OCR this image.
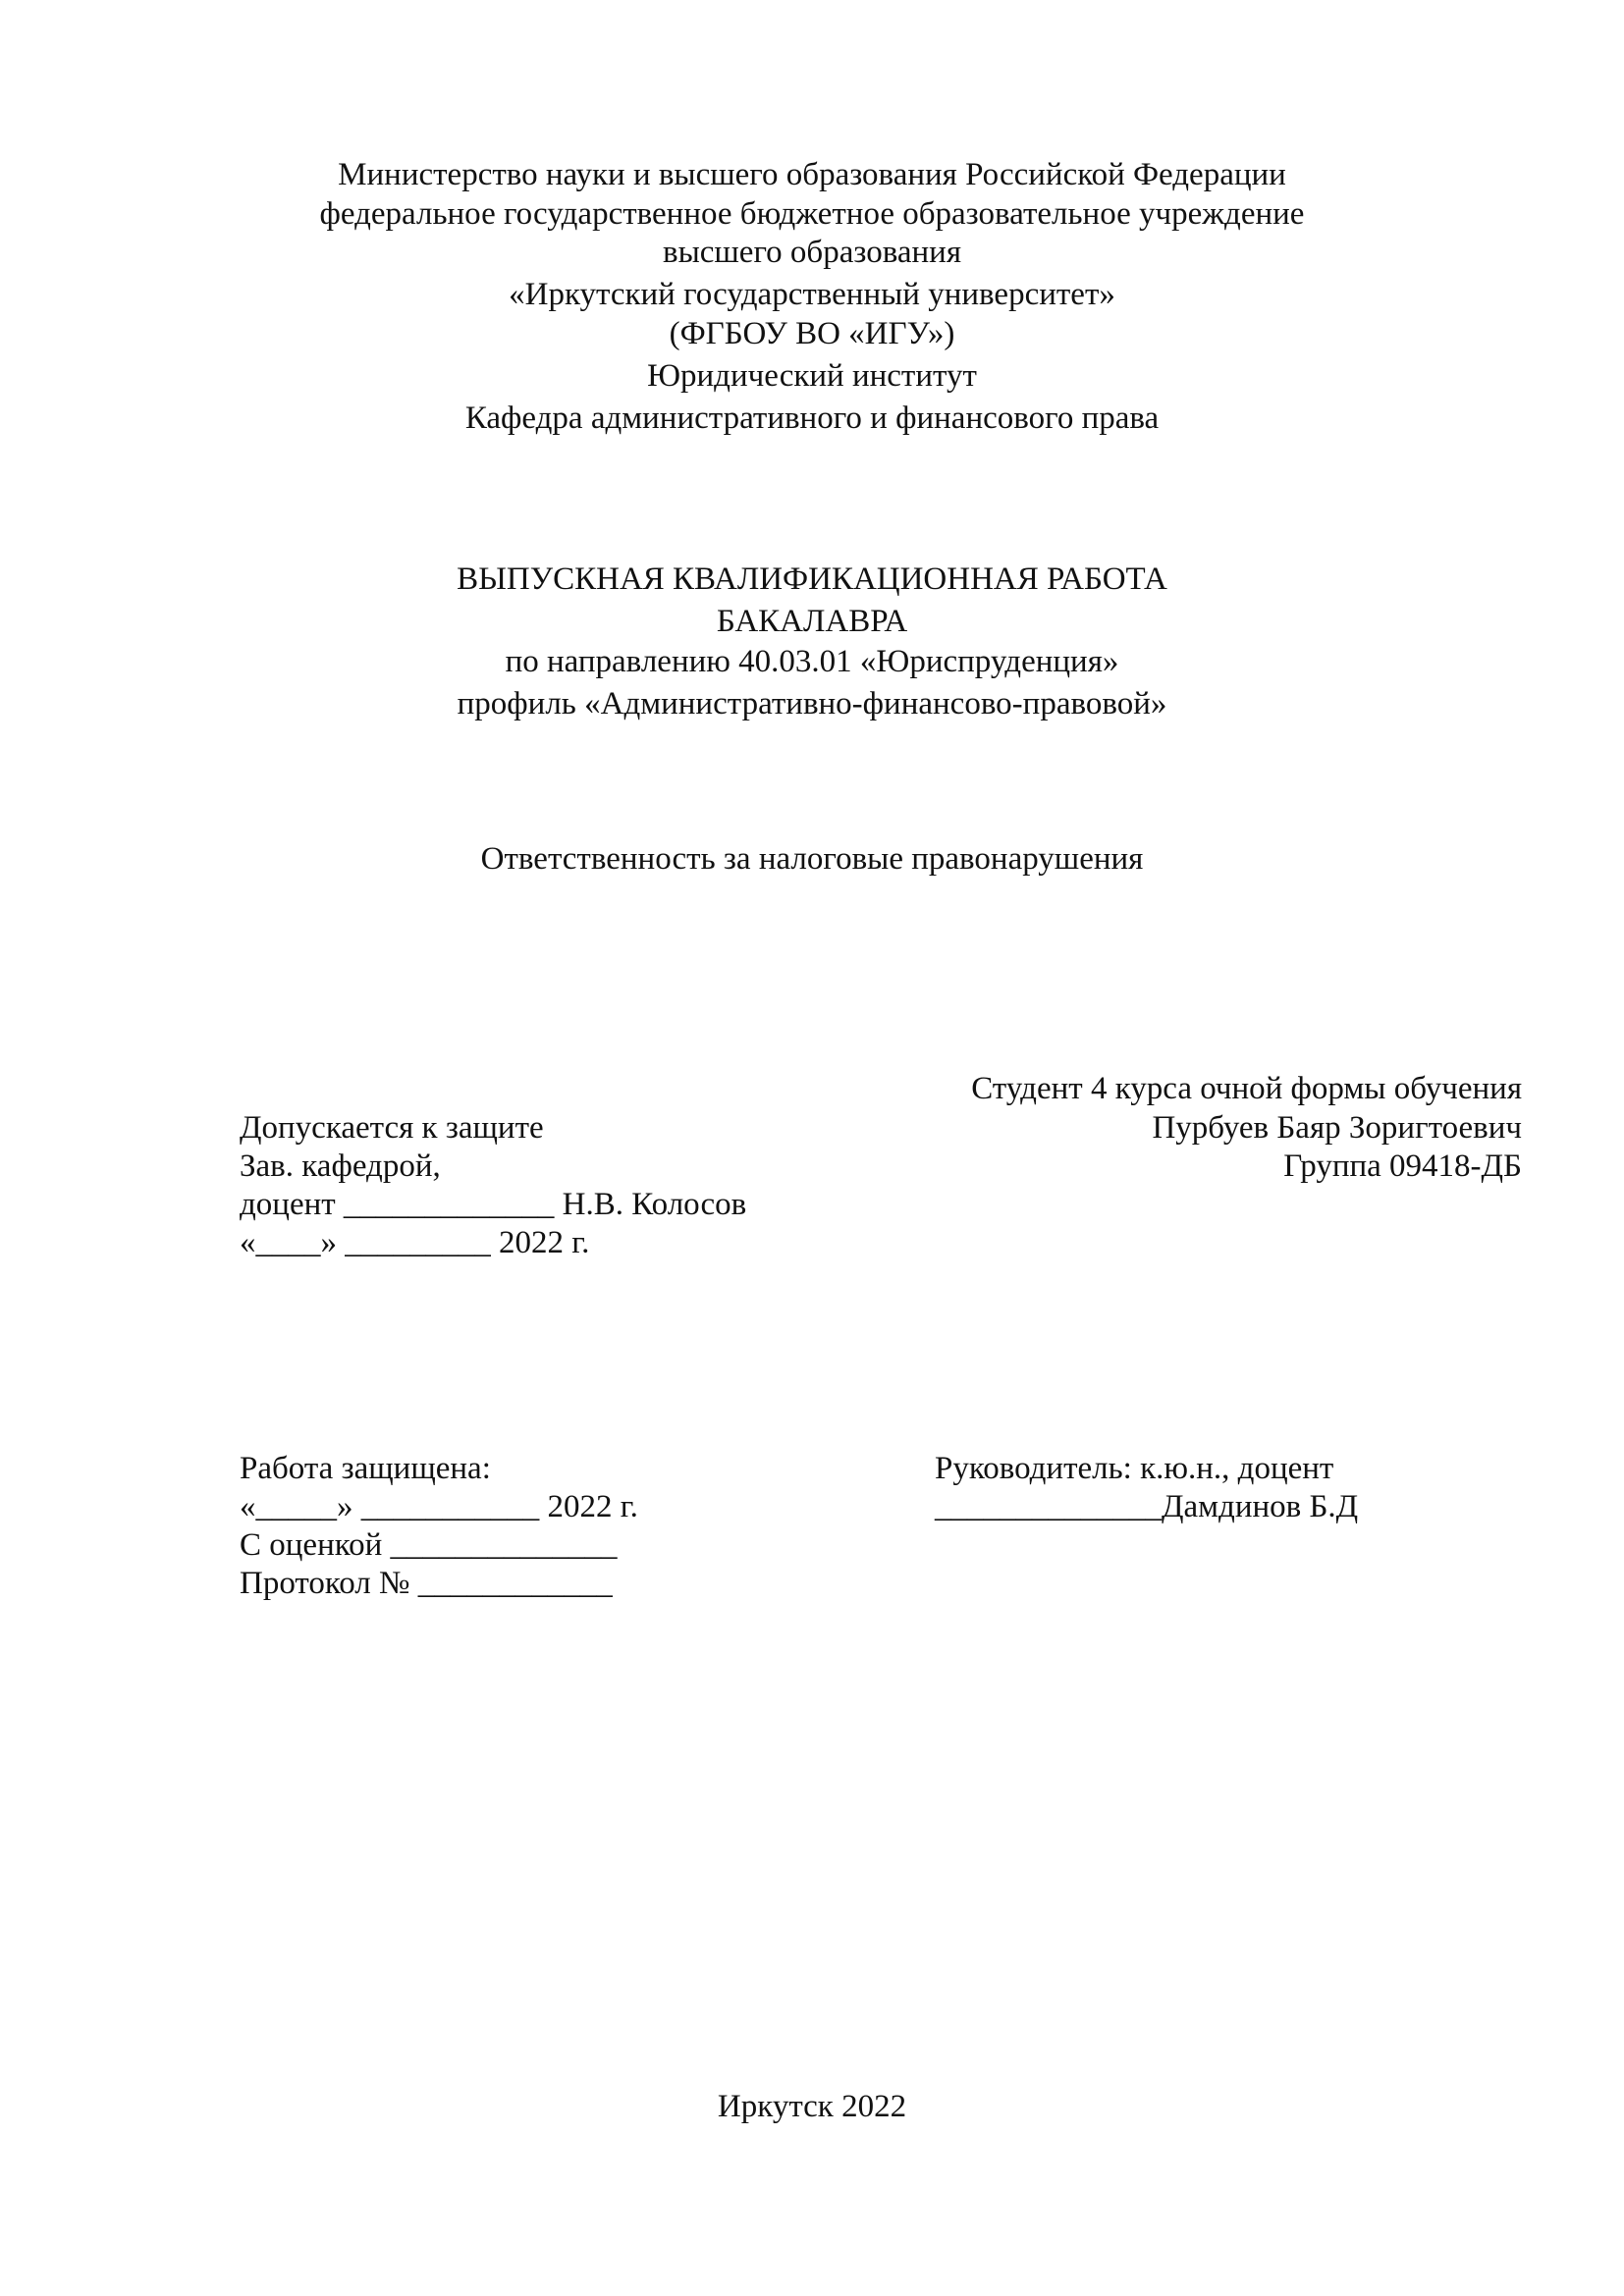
Министерство науки и высшего образования Российской Федерации
федеральное государственное бюджетное образовательное учреждение
высшего образования
«Иркутский государственный университет»
(ФГБОУ ВО «ИГУ»)
Юридический институт
Кафедра административного и финансового права
ВЫПУСКНАЯ КВАЛИФИКАЦИОННАЯ РАБОТА
БАКАЛАВРА
по направлению 40.03.01 «Юриспруденция»
профиль «Административно-финансово-правовой»
Ответственность за налоговые правонарушения
Студент 4 курса очной формы обучения
Пурбуев Баяр Зоригтоевич
Группа 09418-ДБ
Допускается к защите
Зав. кафедрой,
доцент _____________ Н.В. Колосов
«____» _________ 2022 г.
Работа защищена:
«_____» ___________ 2022 г.
С оценкой ______________
Протокол № ____________
Руководитель: к.ю.н., доцент
______________Дамдинов Б.Д
Иркутск 2022
